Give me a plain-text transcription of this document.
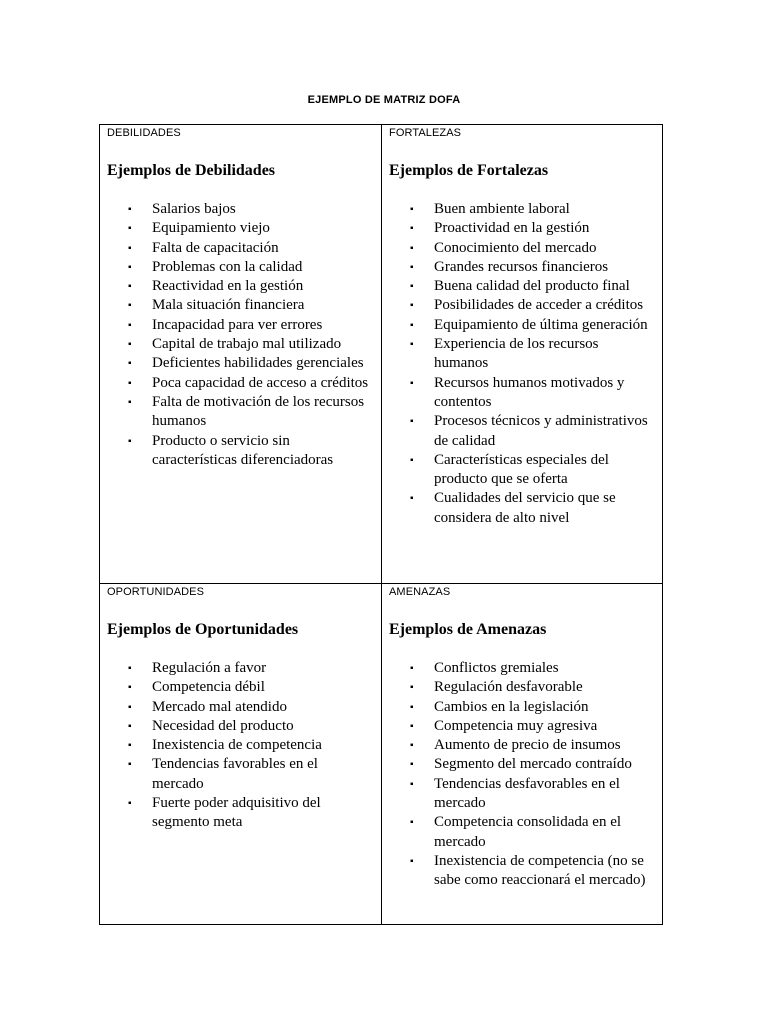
EJEMPLO DE MATRIZ DOFA
DEBILIDADES
Ejemplos de Debilidades
▪ Salarios bajos
▪ Equipamiento viejo
▪ Falta de capacitación
▪ Problemas con la calidad
▪ Reactividad en la gestión
▪ Mala situación financiera
▪ Incapacidad para ver errores
▪ Capital de trabajo mal utilizado
▪ Deficientes habilidades gerenciales
▪ Poca capacidad de acceso a créditos
▪ Falta de motivación de los recursos humanos
▪ Producto o servicio sin características diferenciadoras
FORTALEZAS
Ejemplos de Fortalezas
▪ Buen ambiente laboral
▪ Proactividad en la gestión
▪ Conocimiento del mercado
▪ Grandes recursos financieros
▪ Buena calidad del producto final
▪ Posibilidades de acceder a créditos
▪ Equipamiento de última generación
▪ Experiencia de los recursos humanos
▪ Recursos humanos motivados y contentos
▪ Procesos técnicos y administrativos de calidad
▪ Características especiales del producto que se oferta
▪ Cualidades del servicio que se considera de alto nivel
OPORTUNIDADES
Ejemplos de Oportunidades
▪ Regulación a favor
▪ Competencia débil
▪ Mercado mal atendido
▪ Necesidad del producto
▪ Inexistencia de competencia
▪ Tendencias favorables en el mercado
▪ Fuerte poder adquisitivo del segmento meta
AMENAZAS
Ejemplos de Amenazas
▪ Conflictos gremiales
▪ Regulación desfavorable
▪ Cambios en la legislación
▪ Competencia muy agresiva
▪ Aumento de precio de insumos
▪ Segmento del mercado contraído
▪ Tendencias desfavorables en el mercado
▪ Competencia consolidada en el mercado
▪ Inexistencia de competencia (no se sabe como reaccionará el mercado)
